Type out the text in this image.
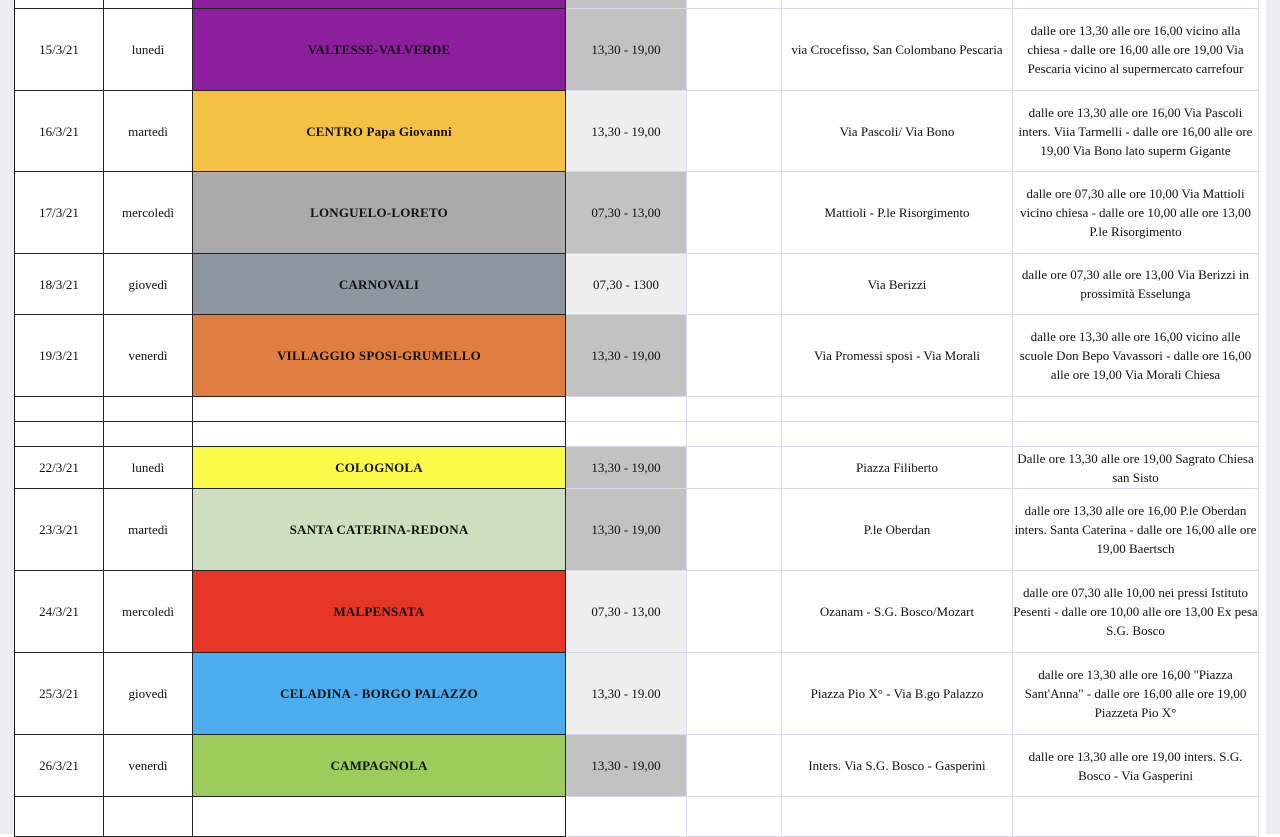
15/3/21	lunedì	VALTESSE-VALVERDE	13,30 - 19,00		via Crocefisso, San Colombano Pescaria	dalle ore 13,30 alle ore 16,00 vicino alla chiesa - dalle ore 16,00 alle ore 19,00 Via Pescaria vicino al supermercato carrefour
16/3/21	martedì	CENTRO Papa Giovanni	13,30 - 19,00		Via Pascoli/ Via Bono	dalle ore 13,30 alle ore 16,00 Via Pascoli inters. Viia Tarmelli - dalle ore 16,00 alle ore 19,00 Via Bono lato superm Gigante
17/3/21	mercoledì	LONGUELO-LORETO	07,30 - 13,00		Mattioli - P.le Risorgimento	dalle ore 07,30 alle ore 10,00 Via Mattioli vicino chiesa - dalle ore 10,00 alle ore 13,00 P.le Risorgimento
18/3/21	giovedì	CARNOVALI	07,30 - 1300		Via Berizzi	dalle ore 07,30 alle ore 13,00 Via Berizzi in prossimità Esselunga
19/3/21	venerdì	VILLAGGIO SPOSI-GRUMELLO	13,30 - 19,00		Via Promessi sposi - Via Morali	dalle ore 13,30 alle ore 16,00 vicino alle scuole Don Bepo Vavassori - dalle ore 16,00 alle ore 19,00 Via Morali Chiesa

22/3/21	lunedì	COLOGNOLA	13,30 - 19,00		Piazza Filiberto	Dalle ore 13,30 alle ore 19,00 Sagrato Chiesa san Sisto
23/3/21	martedì	SANTA CATERINA-REDONA	13,30 - 19,00		P.le Oberdan	dalle ore 13,30 alle ore 16,00 P.le Oberdan inters. Santa Caterina - dalle ore 16,00 alle ore 19,00 Baertsch
24/3/21	mercoledì	MALPENSATA	07,30 - 13,00		Ozanam - S.G. Bosco/Mozart	dalle ore 07,30 alle 10,00 nei pressi Istituto Pesenti - dalle ore 10,00 alle ore 13,00 Ex pesa S.G. Bosco
25/3/21	giovedì	CELADINA - BORGO PALAZZO	13,30 - 19.00		Piazza Pio X° - Via B.go Palazzo	dalle ore 13,30 alle ore 16,00 "Piazza Sant'Anna" - dalle ore 16,00 alle ore 19,00 Piazzeta Pio X°
26/3/21	venerdì	CAMPAGNOLA	13,30 - 19,00		Inters. Via S.G. Bosco - Gasperini	dalle ore 13,30 alle ore 19,00 inters. S.G. Bosco - Via Gasperini
